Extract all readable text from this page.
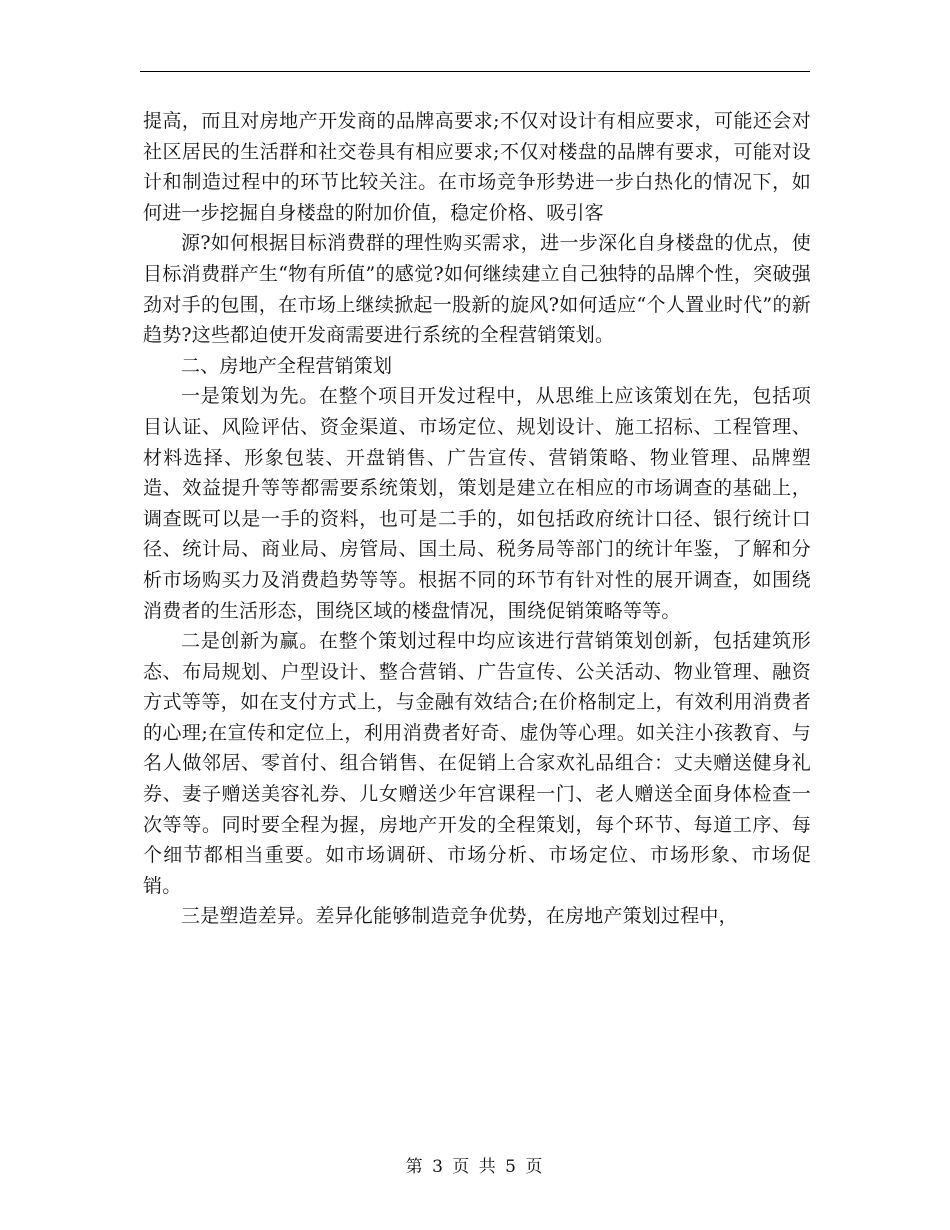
提高，而且对房地产开发商的品牌高要求;不仅对设计有相应要求，可能还会对社区居民的生活群和社交卷具有相应要求;不仅对楼盘的品牌有要求，可能对设计和制造过程中的环节比较关注。在市场竞争形势进一步白热化的情况下，如何进一步挖掘自身楼盘的附加价值，稳定价格、吸引客

源?如何根据目标消费群的理性购买需求，进一步深化自身楼盘的优点，使目标消费群产生“物有所值”的感觉?如何继续建立自己独特的品牌个性，突破强劲对手的包围，在市场上继续掀起一股新的旋风?如何适应“个人置业时代”的新趋势?这些都迫使开发商需要进行系统的全程营销策划。

二、房地产全程营销策划

一是策划为先。在整个项目开发过程中，从思维上应该策划在先，包括项目认证、风险评估、资金渠道、市场定位、规划设计、施工招标、工程管理、材料选择、形象包装、开盘销售、广告宣传、营销策略、物业管理、品牌塑造、效益提升等等都需要系统策划，策划是建立在相应的市场调查的基础上，调查既可以是一手的资料，也可是二手的，如包括政府统计口径、银行统计口径、统计局、商业局、房管局、国土局、税务局等部门的统计年鉴，了解和分析市场购买力及消费趋势等等。根据不同的环节有针对性的展开调查，如围绕消费者的生活形态，围绕区域的楼盘情况，围绕促销策略等等。

二是创新为赢。在整个策划过程中均应该进行营销策划创新，包括建筑形态、布局规划、户型设计、整合营销、广告宣传、公关活动、物业管理、融资方式等等，如在支付方式上，与金融有效结合;在价格制定上，有效利用消费者的心理;在宣传和定位上，利用消费者好奇、虚伪等心理。如关注小孩教育、与名人做邻居、零首付、组合销售、在促销上合家欢礼品组合：丈夫赠送健身礼券、妻子赠送美容礼券、儿女赠送少年宫课程一门、老人赠送全面身体检查一次等等。同时要全程为握，房地产开发的全程策划，每个环节、每道工序、每个细节都相当重要。如市场调研、市场分析、市场定位、市场形象、市场促销。

三是塑造差异。差异化能够制造竞争优势，在房地产策划过程中，

第 3 页 共 5 页
